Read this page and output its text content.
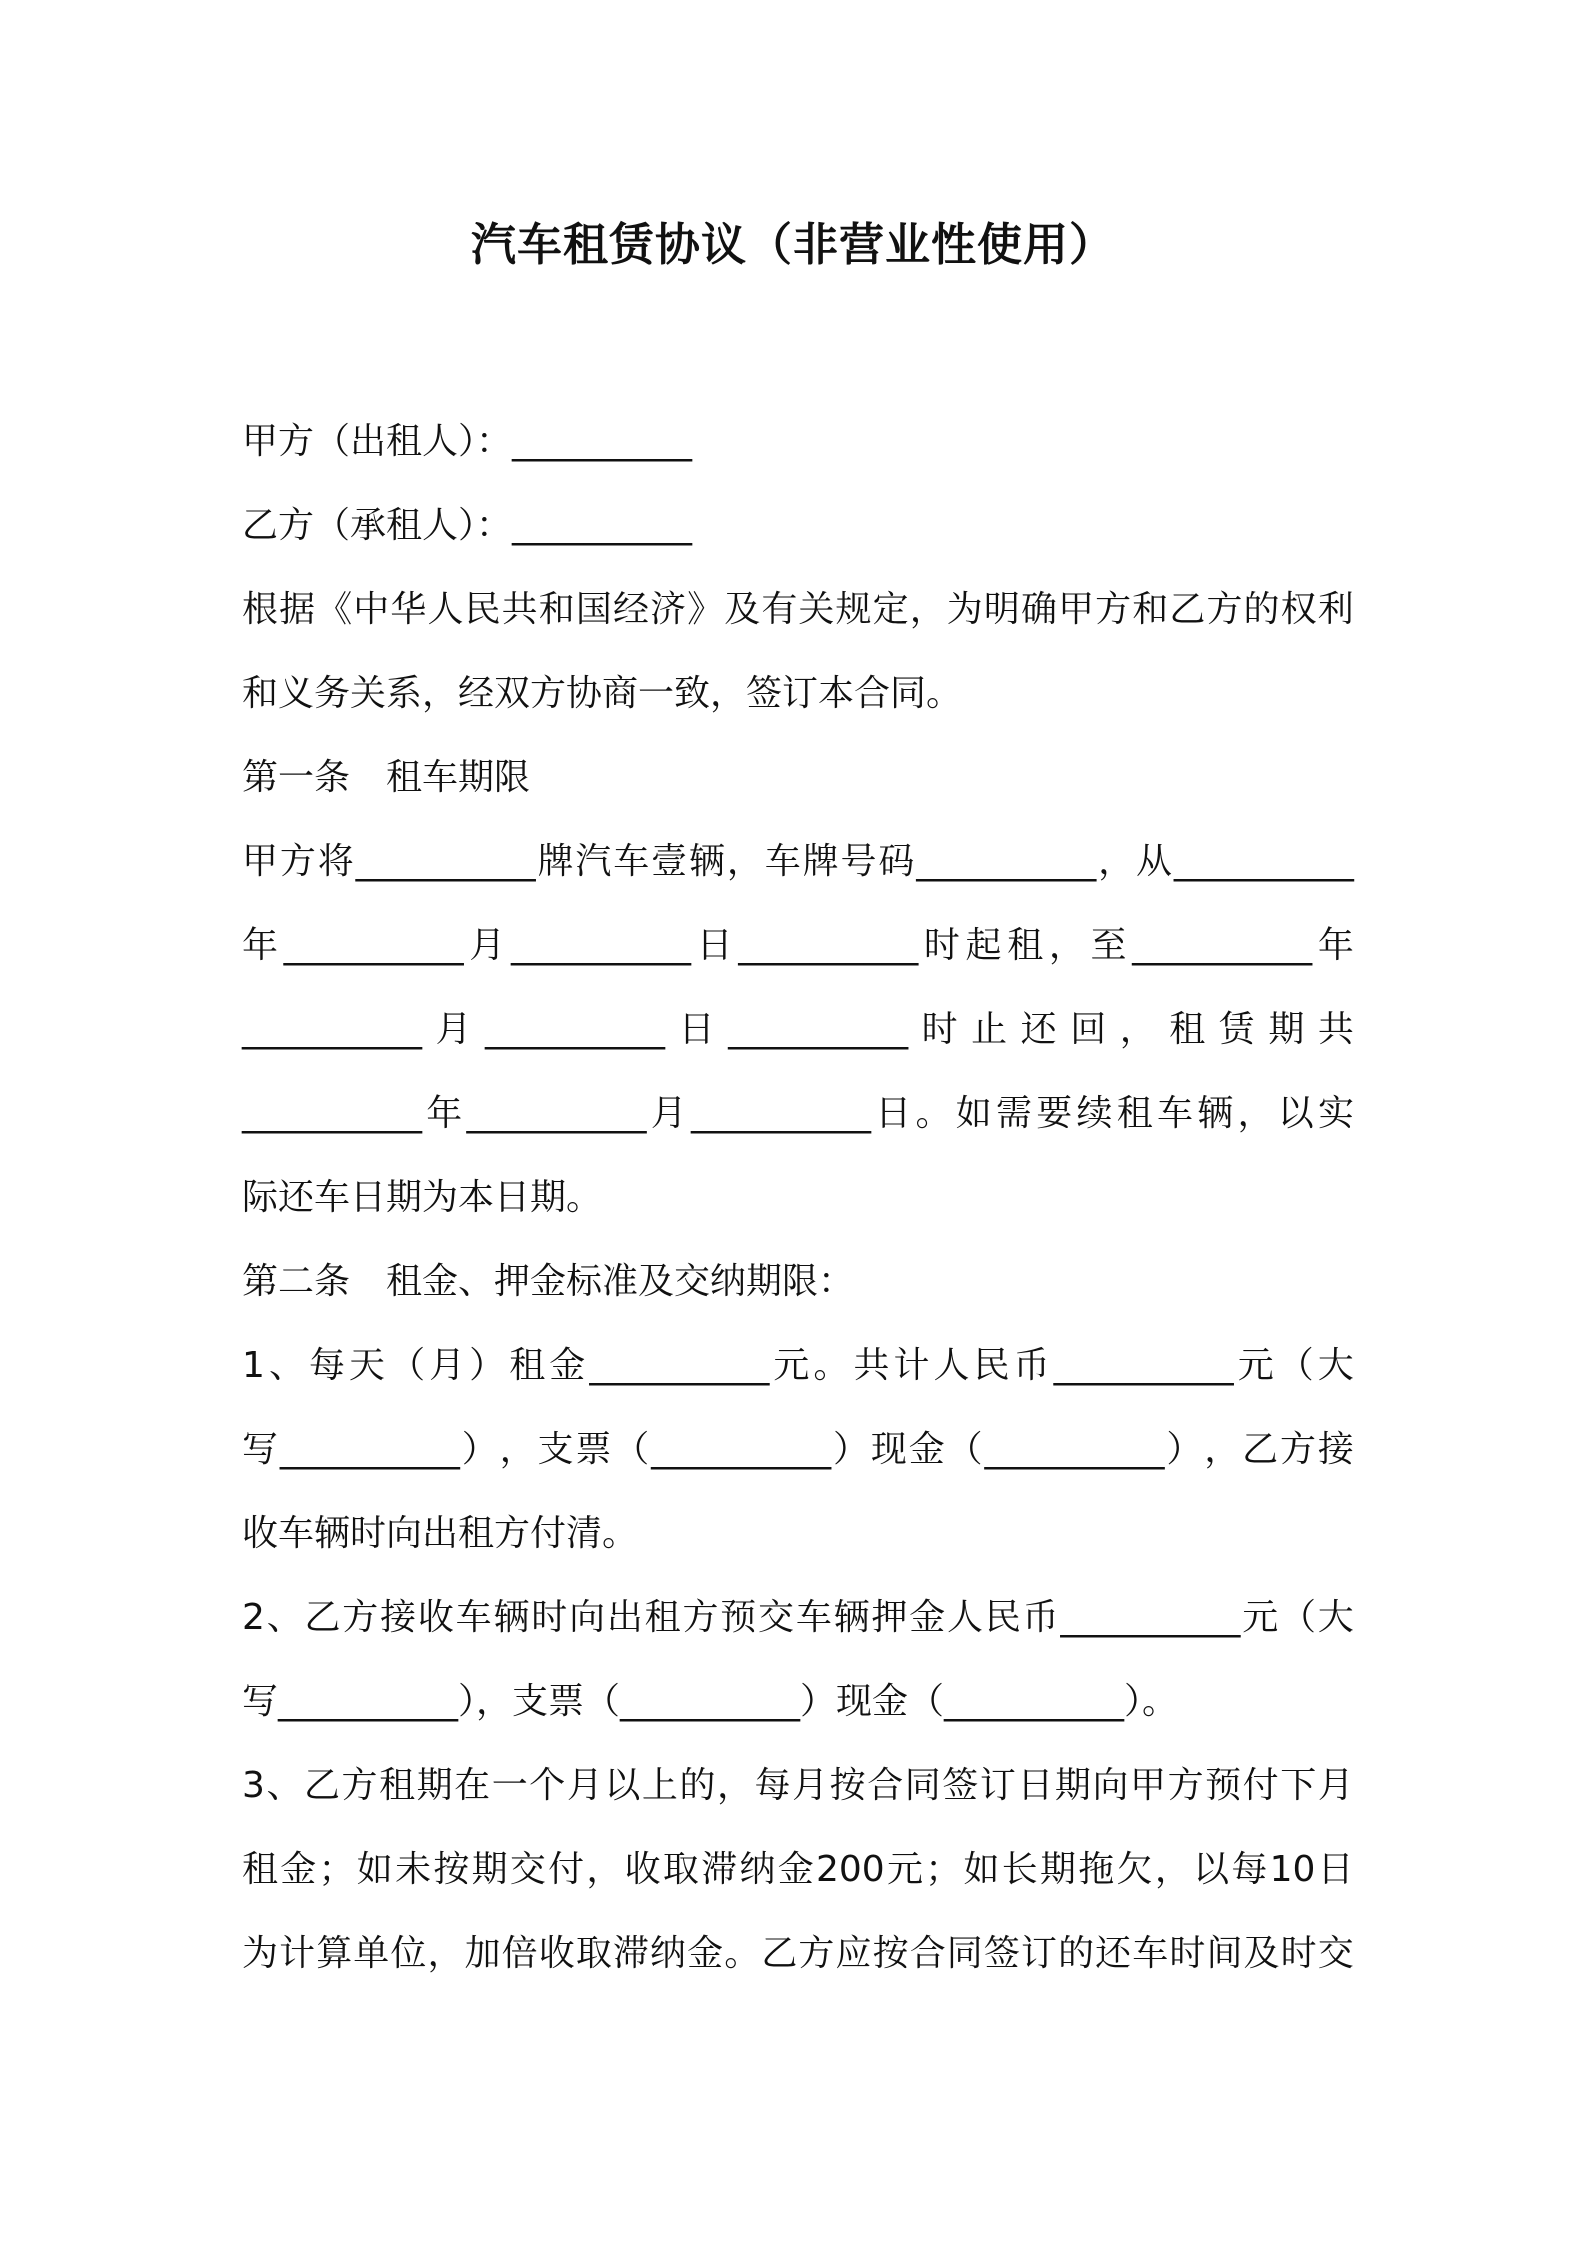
汽车租赁协议（非营业性使用）
甲方（出租人）：__________
乙方（承租人）：__________
根 据 《 中 华 人 民 共 和 国 经 济 》 及 有 关 规 定 ， 为 明 确 甲 方 和 乙 方 的 权 利
和义务关系，经双方协商一致，签订本合同。
第一条　租车期限
甲 方 将 __________ 牌 汽 车 壹 辆 ， 车 牌 号 码 __________ ， 从 __________
年 __________ 月 __________ 日 __________ 时 起 租 ， 至 __________ 年
__________ 月 __________ 日 __________ 时 止 还 回 ， 租 赁 期 共
__________ 年 __________ 月 __________ 日 。 如 需 要 续 租 车 辆 ， 以 实
际还车日期为本日期。
第二条　租金、押金标准及交纳期限：
1 、 每 天 （ 月 ） 租 金 __________ 元 。 共 计 人 民 币 __________ 元 （ 大
写 __________ ） ， 支 票 （ __________ ） 现 金 （ __________ ） ， 乙 方 接
收车辆时向出租方付清。
2 、 乙 方 接 收 车 辆 时 向 出 租 方 预 交 车 辆 押 金 人 民 币 __________ 元 （ 大
写__________），支票（__________）现金（__________）。
3 、 乙 方 租 期 在 一 个 月 以 上 的 ， 每 月 按 合 同 签 订 日 期 向 甲 方 预 付 下 月
租 金 ； 如 未 按 期 交 付 ， 收 取 滞 纳 金 200 元 ； 如 长 期 拖 欠 ， 以 每 10 日
为 计 算 单 位 ， 加 倍 收 取 滞 纳 金 。 乙 方 应 按 合 同 签 订 的 还 车 时 间 及 时 交
